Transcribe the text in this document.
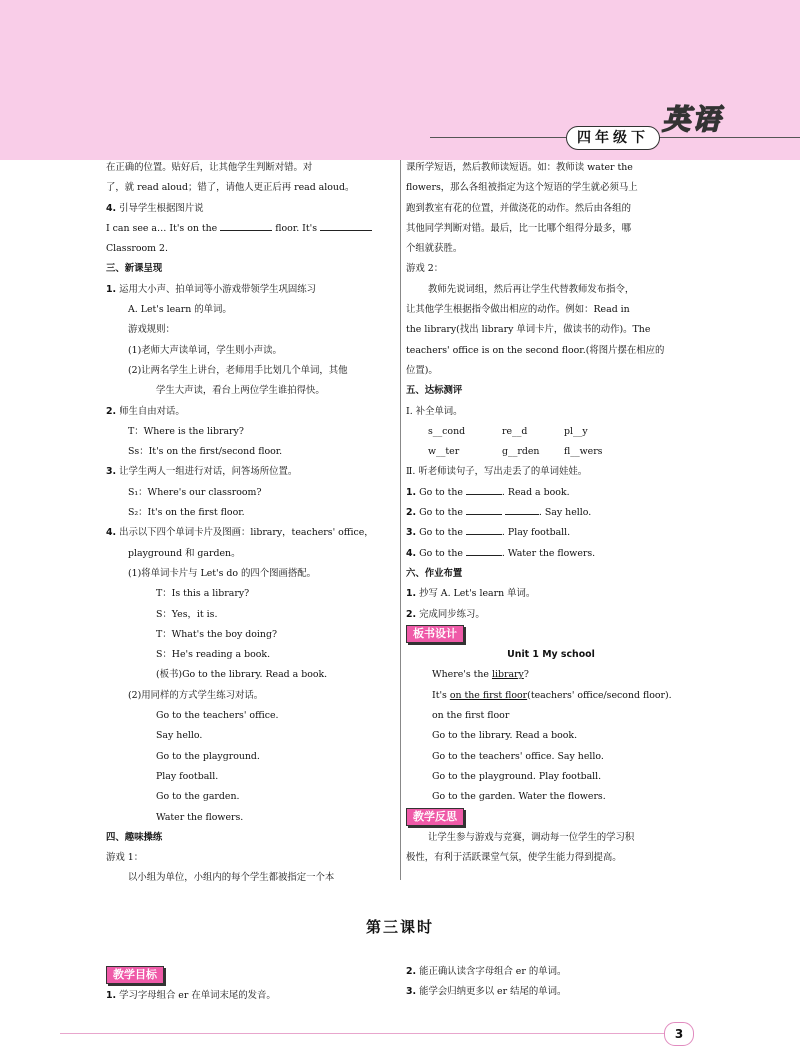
四年级下
英语
在正确的位置。贴好后，让其他学生判断对错。对
了，就 read aloud；错了，请他人更正后再 read aloud。
4. 引导学生根据图片说
I can see a… It's on the	floor. It's
Classroom 2.
三、新课呈现
1. 运用大小声、拍单词等小游戏带领学生巩固练习
A. Let's learn 的单词。
游戏规则：
(1)老师大声读单词，学生则小声读。
(2)让两名学生上讲台，老师用手比划几个单词，其他
学生大声读，看台上两位学生谁拍得快。
2. 师生自由对话。
T：Where is the library?
Ss：It's on the first/second floor.
3. 让学生两人一组进行对话，问答场所位置。
S₁：Where's our classroom?
S₂：It's on the first floor.
4. 出示以下四个单词卡片及图画：library，teachers' office，
playground 和 garden。
(1)将单词卡片与 Let's do 的四个图画搭配。
T：Is this a library?
S：Yes，it is.
T：What's the boy doing?
S：He's reading a book.
(板书)Go to the library. Read a book.
(2)用同样的方式学生练习对话。
Go to the teachers' office.
Say hello.
Go to the playground.
Play football.
Go to the garden.
Water the flowers.
四、趣味操练
游戏 1：
以小组为单位，小组内的每个学生都被指定一个本
课所学短语，然后教师读短语。如：教师读 water the
flowers，那么各组被指定为这个短语的学生就必须马上
跑到教室有花的位置，并做浇花的动作。然后由各组的
其他同学判断对错。最后，比一比哪个组得分最多，哪
个组就获胜。
游戏 2：
教师先说词组，然后再让学生代替教师发布指令，
让其他学生根据指令做出相应的动作。例如：Read in
the library(找出 library 单词卡片，做读书的动作)。The
teachers' office is on the second floor.(将图片摆在相应的
位置)。
五、达标测评
Ⅰ. 补全单词。
s__cond	re__d	pl__y
w__ter	g__rden	fl__wers
Ⅱ. 听老师读句子，写出走丢了的单词娃娃。
1. Go to the	. Read a book.
2. Go to the	. Say hello.
3. Go to the	. Play football.
4. Go to the	. Water the flowers.
六、作业布置
1. 抄写 A. Let's learn 单词。
2. 完成同步练习。
板书设计
Unit 1 My school
Where's the library?
It's on the first floor(teachers' office/second floor).
on the first floor
Go to the library. Read a book.
Go to the teachers' office. Say hello.
Go to the playground. Play football.
Go to the garden. Water the flowers.
教学反思
让学生参与游戏与竞赛，调动每一位学生的学习积
极性，有利于活跃课堂气氛，使学生能力得到提高。
第三课时
教学目标
1. 学习字母组合 er 在单词末尾的发音。
2. 能正确认读含字母组合 er 的单词。
3. 能学会归纳更多以 er 结尾的单词。
3
